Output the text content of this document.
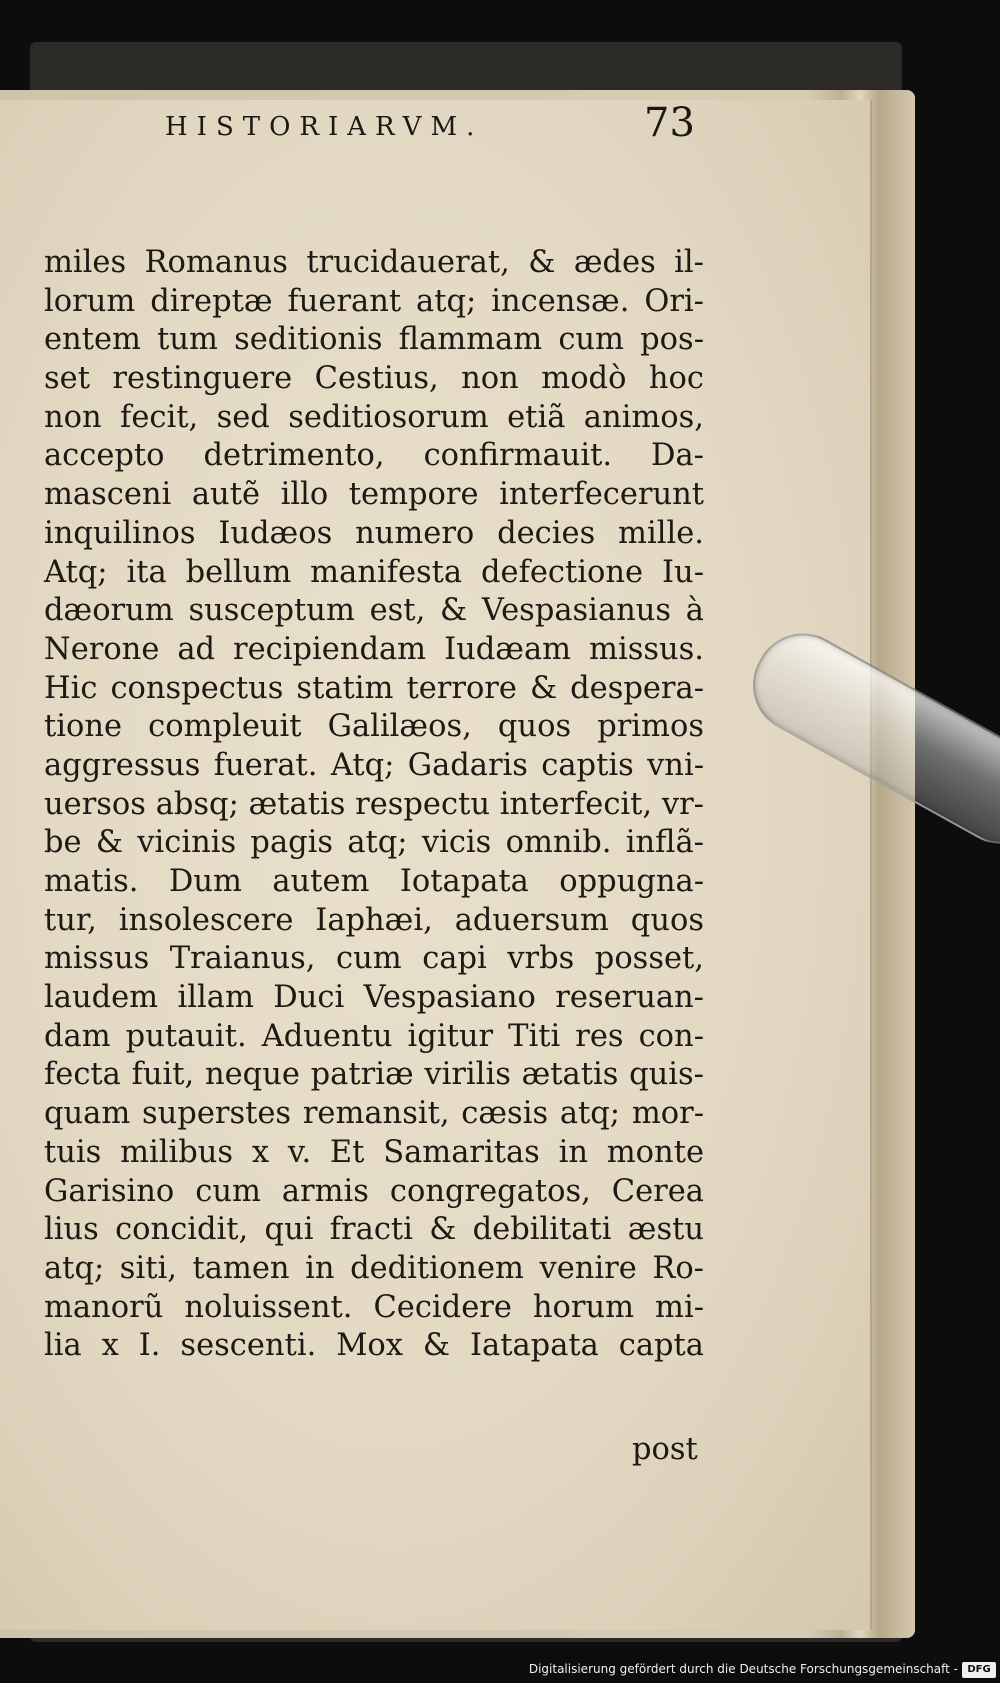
HISTORIARVM.	73
miles Romanus trucidauerat, & ædes il-
lorum direptæ fuerant atq; incensæ. Ori-
entem tum seditionis flammam cum pos-
set restinguere Cestius, non modò hoc
non fecit, sed seditiosorum etiã animos,
accepto detrimento, confirmauit. Da-
masceni autẽ illo tempore interfecerunt
inquilinos Iudæos numero decies mille.
Atq; ita bellum manifesta defectione Iu-
dæorum susceptum est, & Vespasianus à
Nerone ad recipiendam Iudæam missus.
Hic conspectus statim terrore & despera-
tione compleuit Galilæos, quos primos
aggressus fuerat. Atq; Gadaris captis vni-
uersos absq; ætatis respectu interfecit, vr-
be & vicinis pagis atq; vicis omnib. inflã-
matis. Dum autem Iotapata oppugna-
tur, insolescere Iaphæi, aduersum quos
missus Traianus, cum capi vrbs posset,
laudem illam Duci Vespasiano reseruan-
dam putauit. Aduentu igitur Titi res con-
fecta fuit, neque patriæ virilis ætatis quis-
quam superstes remansit, cæsis atq; mor-
tuis milibus x v. Et Samaritas in monte
Garisino cum armis congregatos, Cerea
lius concidit, qui fracti & debilitati æstu
atq; siti, tamen in deditionem venire Ro-
manorũ noluissent. Cecidere horum mi-
lia x I. sescenti. Mox & Iatapata capta
post
Digitalisierung gefördert durch die Deutsche Forschungsgemeinschaft - DFG
